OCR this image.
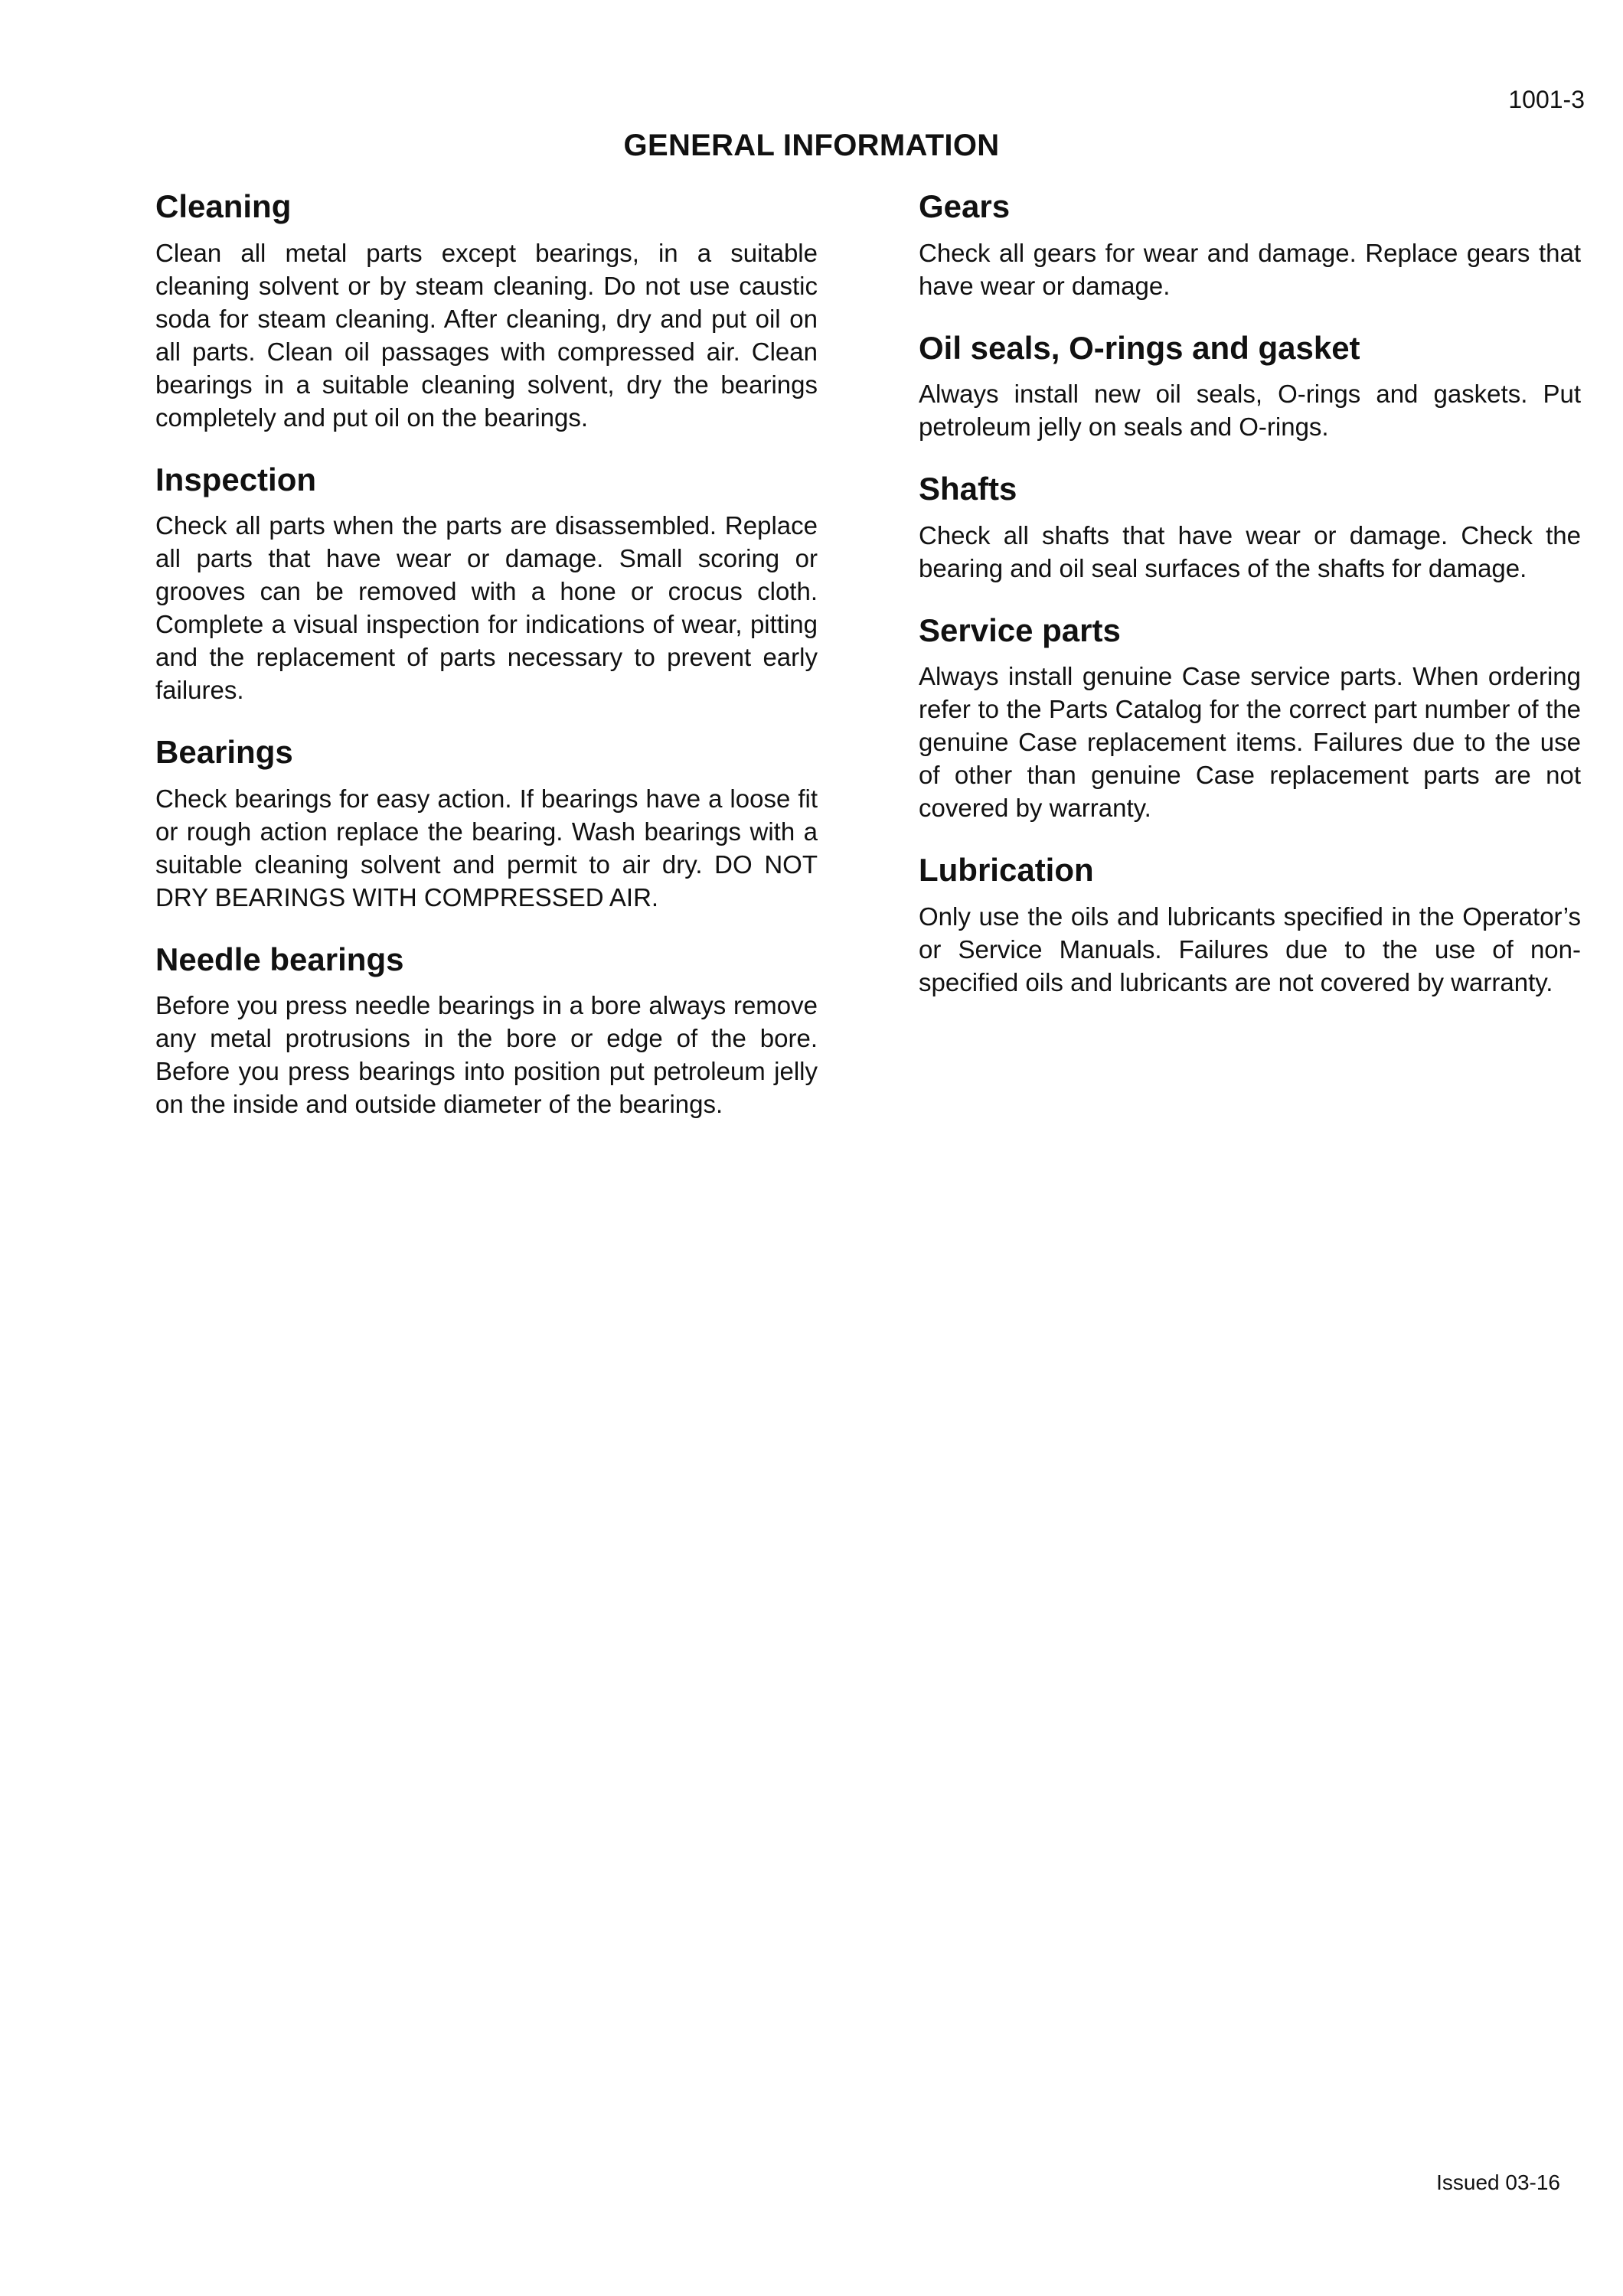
1001-3

GENERAL INFORMATION
Cleaning

Clean all metal parts except bearings, in a suitable cleaning solvent or by steam cleaning. Do not use caustic soda for steam cleaning. After cleaning, dry and put oil on all parts. Clean oil passages with compressed air. Clean bearings in a suitable cleaning solvent, dry the bearings completely and put oil on the bearings.

Inspection

Check all parts when the parts are disassembled. Replace all parts that have wear or damage. Small scoring or grooves can be removed with a hone or crocus cloth. Complete a visual inspection for indications of wear, pitting and the replacement of parts necessary to prevent early failures.

Bearings

Check bearings for easy action. If bearings have a loose fit or rough action replace the bearing. Wash bearings with a suitable cleaning solvent and permit to air dry. DO NOT DRY BEARINGS WITH COMPRESSED AIR.

Needle bearings

Before you press needle bearings in a bore always remove any metal protrusions in the bore or edge of the bore. Before you press bearings into position put petroleum jelly on the inside and outside diameter of the bearings.

Gears

Check all gears for wear and damage. Replace gears that have wear or damage.

Oil seals, O-rings and gasket

Always install new oil seals, O-rings and gaskets. Put petroleum jelly on seals and O-rings.

Shafts

Check all shafts that have wear or damage. Check the bearing and oil seal surfaces of the shafts for damage.

Service parts

Always install genuine Case service parts. When ordering refer to the Parts Catalog for the correct part number of the genuine Case replacement items. Failures due to the use of other than genuine Case replacement parts are not covered by warranty.

Lubrication

Only use the oils and lubricants specified in the Operator’s or Service Manuals. Failures due to the use of non-specified oils and lubricants are not covered by warranty.

Issued 03-16
